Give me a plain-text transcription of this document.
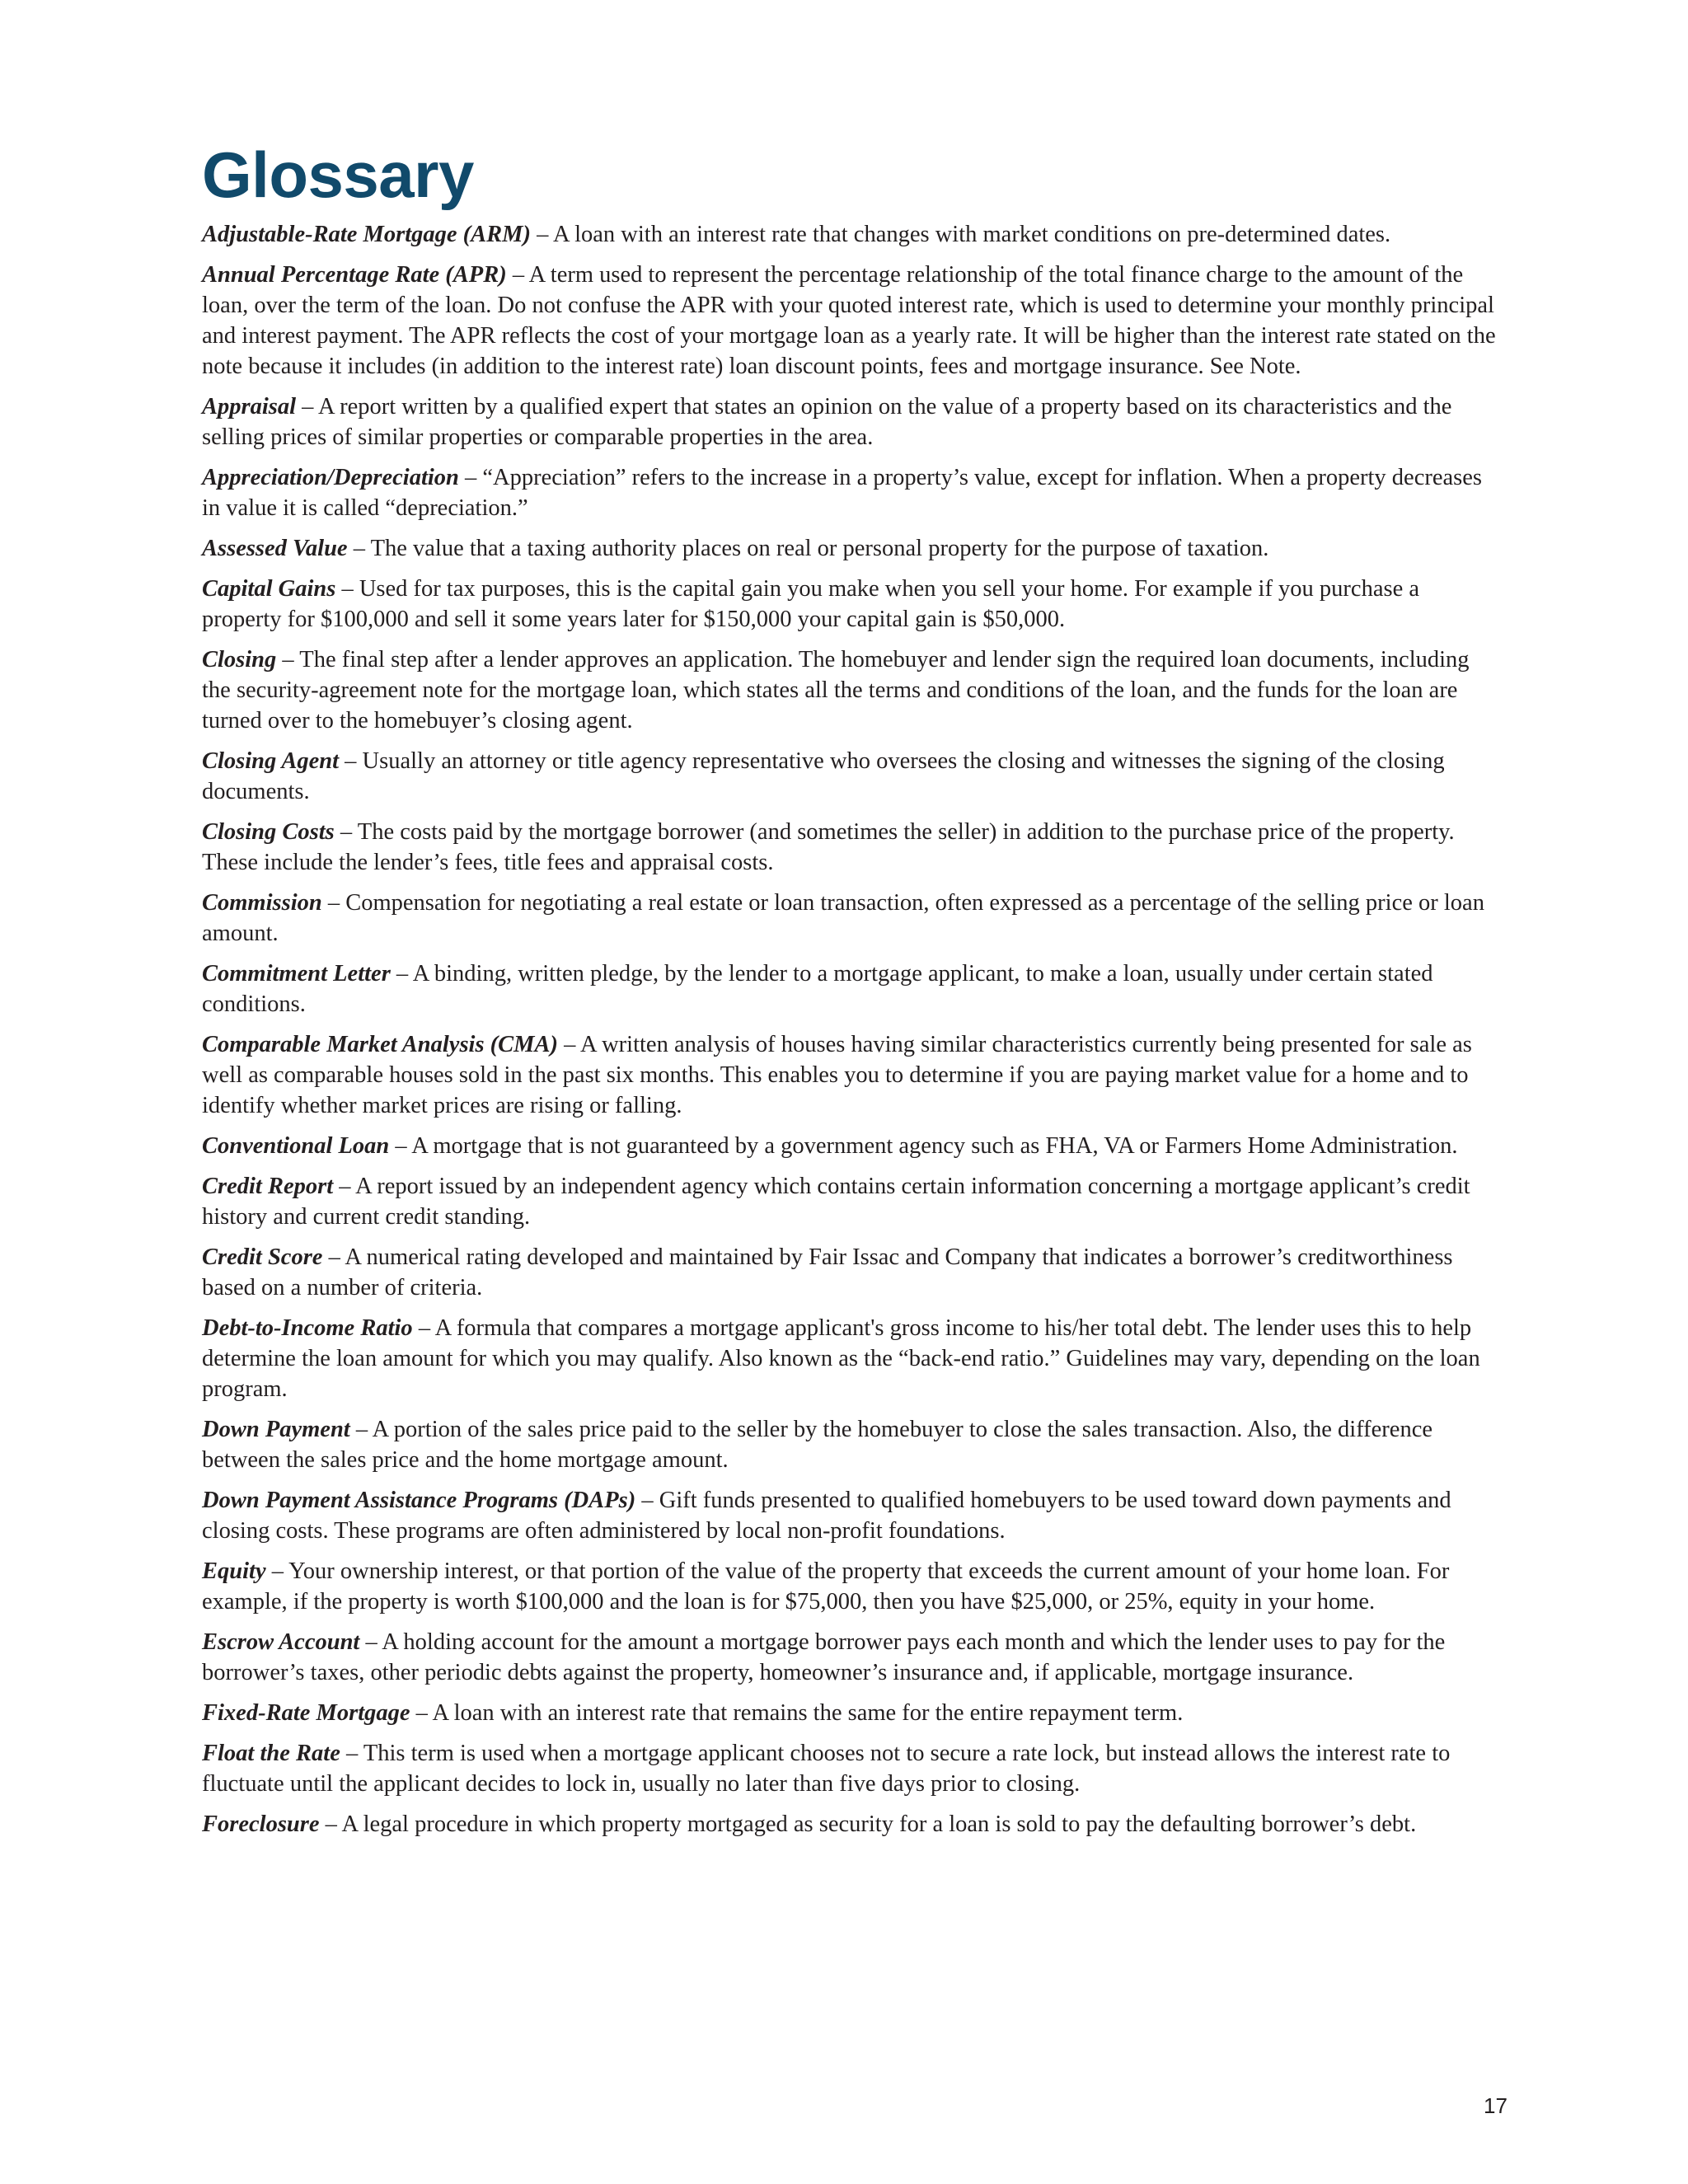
Glossary

Adjustable-Rate Mortgage (ARM) – A loan with an interest rate that changes with market conditions on pre-determined dates.

Annual Percentage Rate (APR) – A term used to represent the percentage relationship of the total finance charge to the amount of the loan, over the term of the loan. Do not confuse the APR with your quoted interest rate, which is used to determine your monthly principal and interest payment. The APR reflects the cost of your mortgage loan as a yearly rate. It will be higher than the interest rate stated on the note because it includes (in addition to the interest rate) loan discount points, fees and mortgage insurance. See Note.

Appraisal – A report written by a qualified expert that states an opinion on the value of a property based on its characteristics and the selling prices of similar properties or comparable properties in the area.

Appreciation/Depreciation – “Appreciation” refers to the increase in a property’s value, except for inflation. When a property decreases in value it is called “depreciation.”

Assessed Value – The value that a taxing authority places on real or personal property for the purpose of taxation.

Capital Gains – Used for tax purposes, this is the capital gain you make when you sell your home. For example if you purchase a property for $100,000 and sell it some years later for $150,000 your capital gain is $50,000.

Closing – The final step after a lender approves an application. The homebuyer and lender sign the required loan documents, including the security-agreement note for the mortgage loan, which states all the terms and conditions of the loan, and the funds for the loan are turned over to the homebuyer’s closing agent.

Closing Agent – Usually an attorney or title agency representative who oversees the closing and witnesses the signing of the closing documents.

Closing Costs – The costs paid by the mortgage borrower (and sometimes the seller) in addition to the purchase price of the property. These include the lender’s fees, title fees and appraisal costs.

Commission – Compensation for negotiating a real estate or loan transaction, often expressed as a percentage of the selling price or loan amount.

Commitment Letter – A binding, written pledge, by the lender to a mortgage applicant, to make a loan, usually under certain stated conditions.

Comparable Market Analysis (CMA) – A written analysis of houses having similar characteristics currently being presented for sale as well as comparable houses sold in the past six months. This enables you to determine if you are paying market value for a home and to identify whether market prices are rising or falling.

Conventional Loan – A mortgage that is not guaranteed by a government agency such as FHA, VA or Farmers Home Administration.

Credit Report – A report issued by an independent agency which contains certain information concerning a mortgage applicant’s credit history and current credit standing.

Credit Score – A numerical rating developed and maintained by Fair Issac and Company that indicates a borrower’s creditworthiness based on a number of criteria.

Debt-to-Income Ratio – A formula that compares a mortgage applicant's gross income to his/her total debt. The lender uses this to help determine the loan amount for which you may qualify. Also known as the “back-end ratio.” Guidelines may vary, depending on the loan program.

Down Payment – A portion of the sales price paid to the seller by the homebuyer to close the sales transaction. Also, the difference between the sales price and the home mortgage amount.

Down Payment Assistance Programs (DAPs) – Gift funds presented to qualified homebuyers to be used toward down payments and closing costs. These programs are often administered by local non-profit foundations.

Equity – Your ownership interest, or that portion of the value of the property that exceeds the current amount of your home loan. For example, if the property is worth $100,000 and the loan is for $75,000, then you have $25,000, or 25%, equity in your home.

Escrow Account – A holding account for the amount a mortgage borrower pays each month and which the lender uses to pay for the borrower’s taxes, other periodic debts against the property, homeowner’s insurance and, if applicable, mortgage insurance.

Fixed-Rate Mortgage – A loan with an interest rate that remains the same for the entire repayment term.

Float the Rate – This term is used when a mortgage applicant chooses not to secure a rate lock, but instead allows the interest rate to fluctuate until the applicant decides to lock in, usually no later than five days prior to closing.

Foreclosure – A legal procedure in which property mortgaged as security for a loan is sold to pay the defaulting borrower’s debt.

17
